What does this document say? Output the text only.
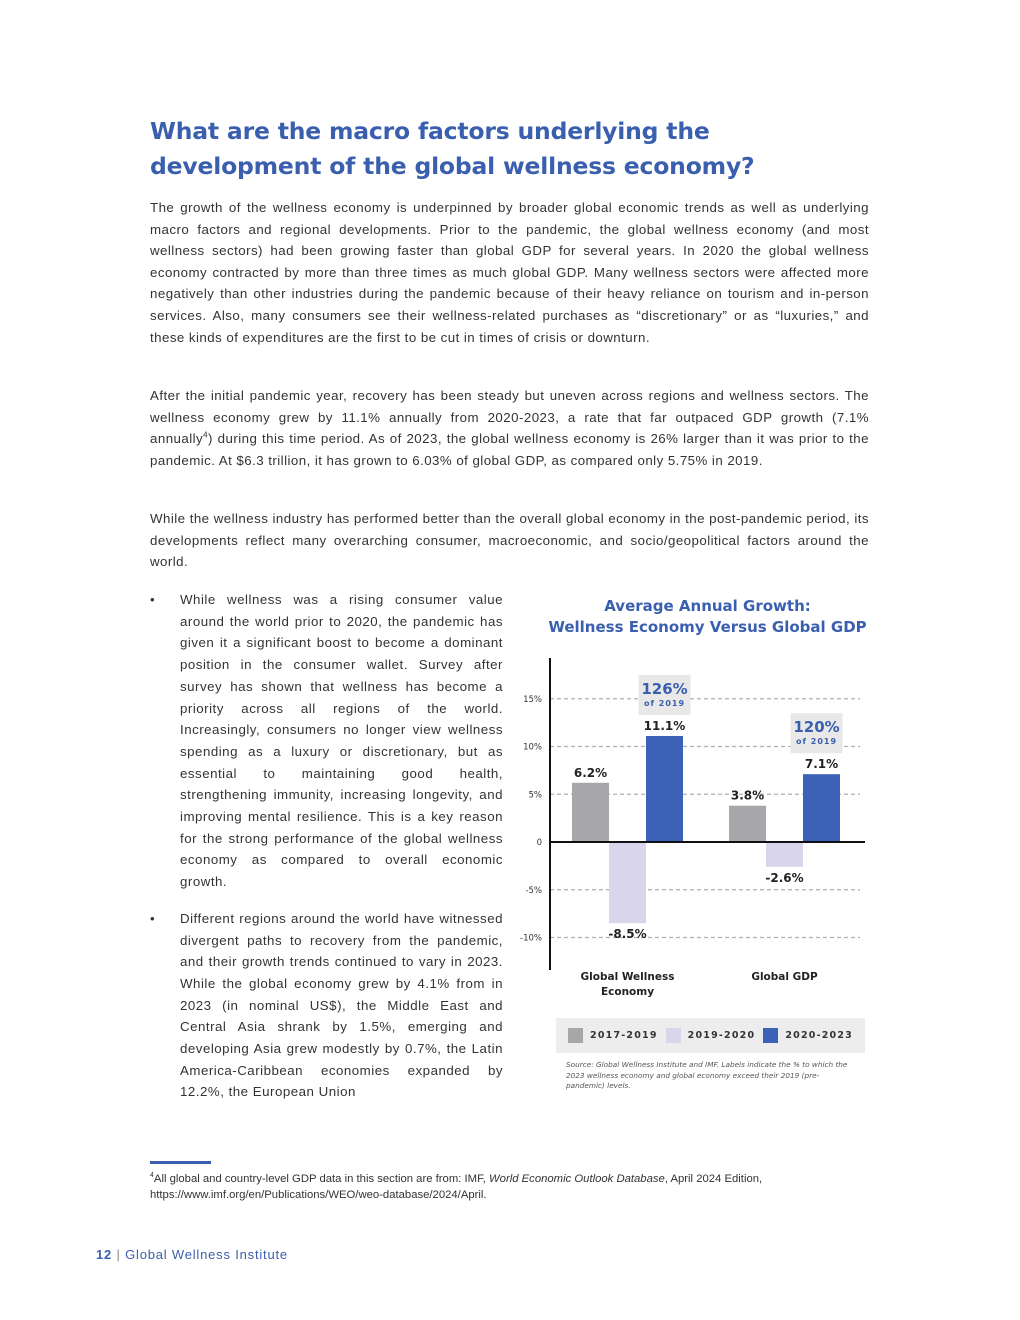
What are the macro factors underlying the development of the global wellness economy?

The growth of the wellness economy is underpinned by broader global economic trends as well as underlying macro factors and regional developments. Prior to the pandemic, the global wellness economy (and most wellness sectors) had been growing faster than global GDP for several years. In 2020 the global wellness economy contracted by more than three times as much global GDP. Many wellness sectors were affected more negatively than other industries during the pandemic because of their heavy reliance on tourism and in-person services. Also, many consumers see their wellness-related purchases as “discretionary” or as “luxuries,” and these kinds of expenditures are the first to be cut in times of crisis or downturn.

After the initial pandemic year, recovery has been steady but uneven across regions and wellness sectors. The wellness economy grew by 11.1% annually from 2020-2023, a rate that far outpaced GDP growth (7.1% annually$^4$) during this time period. As of 2023, the global wellness economy is 26% larger than it was prior to the pandemic. At $6.3 trillion, it has grown to 6.03% of global GDP, as compared only 5.75% in 2019.

While the wellness industry has performed better than the overall global economy in the post-pandemic period, its developments reflect many overarching consumer, macroeconomic, and socio/geopolitical factors around the world.

• While wellness was a rising consumer value around the world prior to 2020, the pandemic has given it a significant boost to become a dominant position in the consumer wallet. Survey after survey has shown that wellness has become a priority across all regions of the world. Increasingly, consumers no longer view wellness spending as a luxury or discretionary, but as essential to maintaining good health, strengthening immunity, increasing longevity, and improving mental resilience. This is a key reason for the strong performance of the global wellness economy as compared to overall economic growth.
• Different regions around the world have witnessed divergent paths to recovery from the pandemic, and their growth trends continued to vary in 2023. While the global economy grew by 4.1% from in 2023 (in nominal US$), the Middle East and Central Asia shrank by 1.5%, emerging and developing Asia grew modestly by 0.7%, the Latin America-Caribbean economies expanded by 12.2%, the European Union
Average Annual Growth:
Wellness Economy Versus Global GDP
15%
10%
5%
0
-5%
-10%
6.2%
-8.5%
11.1%
126%
of 2019
Global Wellness
Economy
3.8%
-2.6%
7.1%
120%
of 2019
Global GDP
2017-2019	2019-2020	2020-2023

Source: Global Wellness Institute and IMF. Labels indicate the % to which the 2023 wellness economy and global economy exceed their 2019 (pre-pandemic) levels.

$^4$All global and country-level GDP data in this section are from: IMF, World Economic Outlook Database, April 2024 Edition,
https://www.imf.org/en/Publications/WEO/weo-database/2024/April.

12 | Global Wellness Institute
